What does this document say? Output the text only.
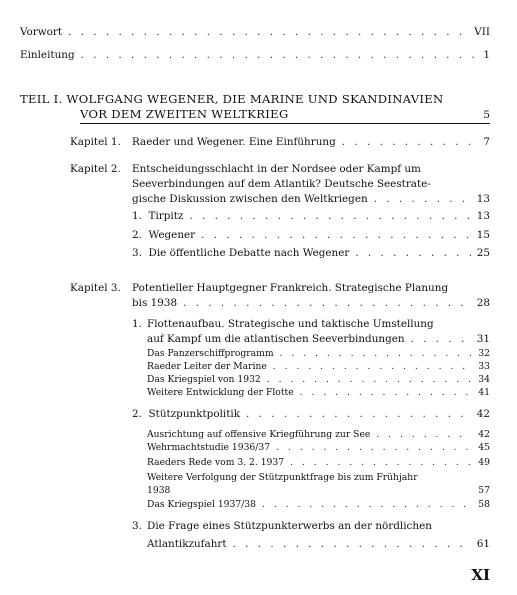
Vorwort . . .	VII
Einleitung . . .	1
TEIL I. WOLFGANG WEGENER, DIE MARINE UND SKANDINAVIEN
VOR DEM ZWEITEN WELTKRIEG	5
Kapitel 1. Raeder und Wegener. Eine Einführung . . .	7
Kapitel 2. Entscheidungsschlacht in der Nordsee oder Kampf um
Seeverbindungen auf dem Atlantik? Deutsche Seestrate-
gische Diskussion zwischen den Weltkriegen . . .	13
1. Tirpitz . . .	13
2. Wegener . . .	15
3. Die öffentliche Debatte nach Wegener . . .	25
Kapitel 3. Potentieller Hauptgegner Frankreich. Strategische Planung
bis 1938 . . .	28
1. Flottenaufbau. Strategische und taktische Umstellung
auf Kampf um die atlantischen Seeverbindungen . . .	31
Das Panzerschiffprogramm . . .	32
Raeder Leiter der Marine . . .	33
Das Kriegspiel von 1932 . . .	34
Weitere Entwicklung der Flotte . . .	41
2. Stützpunktpolitik . . .	42
Ausrichtung auf offensive Kriegführung zur See . . .	42
Wehrmachtstudie 1936/37 . . .	45
Raeders Rede vom 3. 2. 1937 . . .	49
Weitere Verfolgung der Stützpunktfrage bis zum Frühjahr
1938	57
Das Kriegspiel 1937/38 . . .	58
3. Die Frage eines Stützpunkterwerbs an der nördlichen
Atlantikzufahrt . . .	61
XI
